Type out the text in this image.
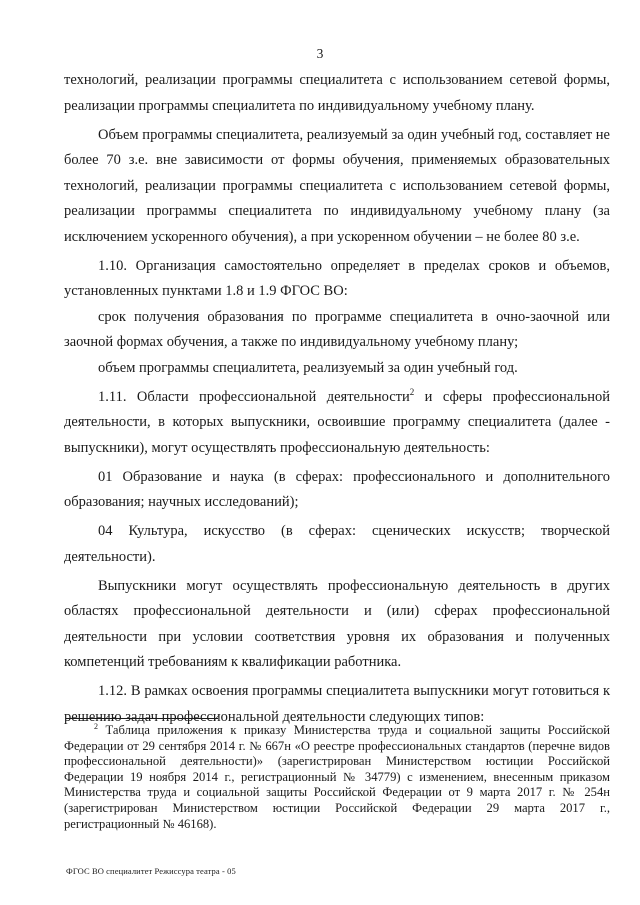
3

технологий, реализации программы специалитета с использованием сетевой формы, реализации программы специалитета по индивидуальному учебному плану.

Объем программы специалитета, реализуемый за один учебный год, составляет не более 70 з.е. вне зависимости от формы обучения, применяемых образовательных технологий, реализации программы специалитета с использованием сетевой формы, реализации программы специалитета по индивидуальному учебному плану (за исключением ускоренного обучения), а при ускоренном обучении – не более 80 з.е.

1.10. Организация самостоятельно определяет в пределах сроков и объемов, установленных пунктами 1.8 и 1.9 ФГОС ВО:

срок получения образования по программе специалитета в очно-заочной или заочной формах обучения, а также по индивидуальному учебному плану;

объем программы специалитета, реализуемый за один учебный год.

1.11. Области профессиональной деятельности$^2$ и сферы профессиональной деятельности, в которых выпускники, освоившие программу специалитета (далее - выпускники), могут осуществлять профессиональную деятельность:

01 Образование и наука (в сферах: профессионального и дополнительного образования; научных исследований);

04 Культура, искусство (в сферах: сценических искусств; творческой деятельности).

Выпускники могут осуществлять профессиональную деятельность в других областях профессиональной деятельности и (или) сферах профессиональной деятельности при условии соответствия уровня их образования и полученных компетенций требованиям к квалификации работника.

1.12. В рамках освоения программы специалитета выпускники могут готовиться к решению задач профессиональной деятельности следующих типов:

$^2$ Таблица приложения к приказу Министерства труда и социальной защиты Российской Федерации от 29 сентября 2014 г. № 667н «О реестре профессиональных стандартов (перечне видов профессиональной деятельности)» (зарегистрирован Министерством юстиции Российской Федерации 19 ноября 2014 г., регистрационный № 34779) с изменением, внесенным приказом Министерства труда и социальной защиты Российской Федерации от 9 марта 2017 г. № 254н (зарегистрирован Министерством юстиции Российской Федерации 29 марта 2017 г., регистрационный № 46168).

ФГОС ВО специалитет Режиссура театра - 05
